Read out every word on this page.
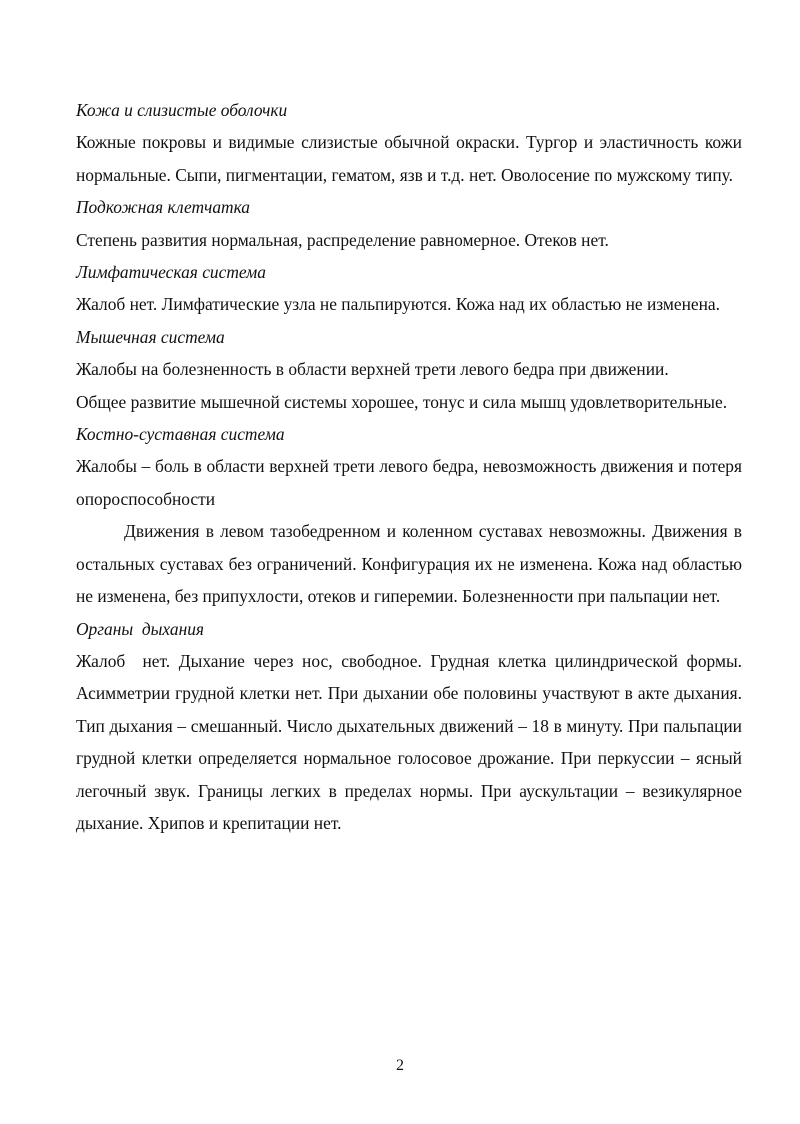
Кожа и слизистые оболочки
Кожные покровы и видимые слизистые обычной окраски. Тургор и эластичность кожи нормальные. Сыпи, пигментации, гематом, язв и т.д. нет. Оволосение по мужскому типу.
Подкожная клетчатка
Степень развития нормальная, распределение равномерное. Отеков нет.
Лимфатическая система
Жалоб нет. Лимфатические узла не пальпируются. Кожа над их областью не изменена.
Мышечная система
Жалобы на болезненность в области верхней трети левого бедра при движении.
Общее развитие мышечной системы хорошее, тонус и сила мышц удовлетворительные.
Костно-суставная система
Жалобы – боль в области верхней трети левого бедра, невозможность движения и потеря опороспособности
Движения в левом тазобедренном и коленном суставах невозможны. Движения в остальных суставах без ограничений. Конфигурация их не изменена. Кожа над областью не изменена, без припухлости, отеков и гиперемии. Болезненности при пальпации нет.
Органы  дыхания
Жалоб  нет. Дыхание через нос, свободное. Грудная клетка цилиндрической формы. Асимметрии грудной клетки нет. При дыхании обе половины участвуют в акте дыхания. Тип дыхания – смешанный. Число дыхательных движений – 18 в минуту. При пальпации  грудной клетки определяется нормальное голосовое дрожание. При перкуссии – ясный легочный звук. Границы легких в пределах нормы. При аускультации – везикулярное дыхание. Хрипов и крепитации нет.
2
